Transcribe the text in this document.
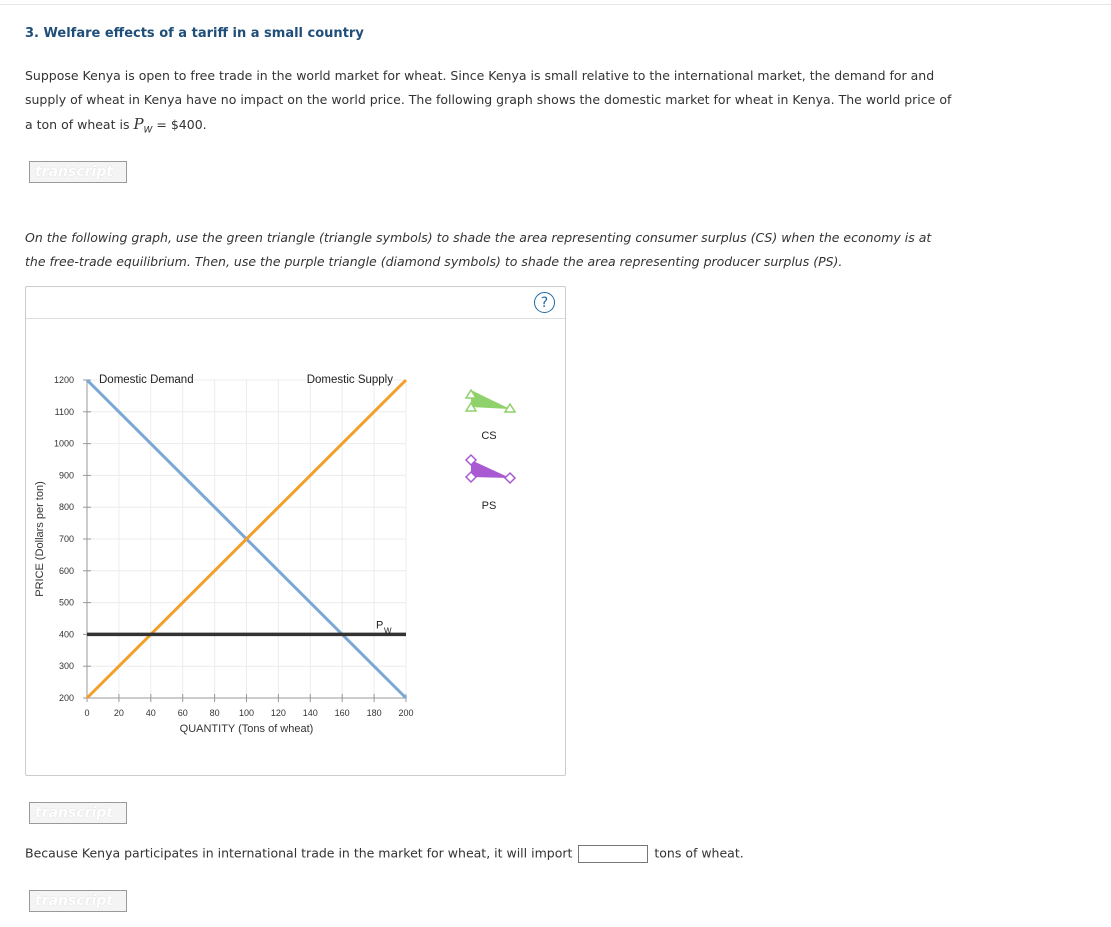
3. Welfare effects of a tariff in a small country
Suppose Kenya is open to free trade in the world market for wheat. Since Kenya is small relative to the international market, the demand for and supply of wheat in Kenya have no impact on the world price. The following graph shows the domestic market for wheat in Kenya. The world price of a ton of wheat is $P_W$ = $400.
transcript
On the following graph, use the green triangle (triangle symbols) to shade the area representing consumer surplus (CS) when the economy is at the free-trade equilibrium. Then, use the purple triangle (diamond symbols) to shade the area representing producer surplus (PS).
?
200
300
400
500
600
700
800
900
1000
1100
1200
0	20 40 60 80 100 120 140 160 180 200
QUANTITY (Tons of wheat)
PRICE (Dollars per ton)
Domestic Demand	Domestic Supply
P W
CS
PS
transcript
Because Kenya participates in international trade in the market for wheat, it will import	tons of wheat.
transcript
